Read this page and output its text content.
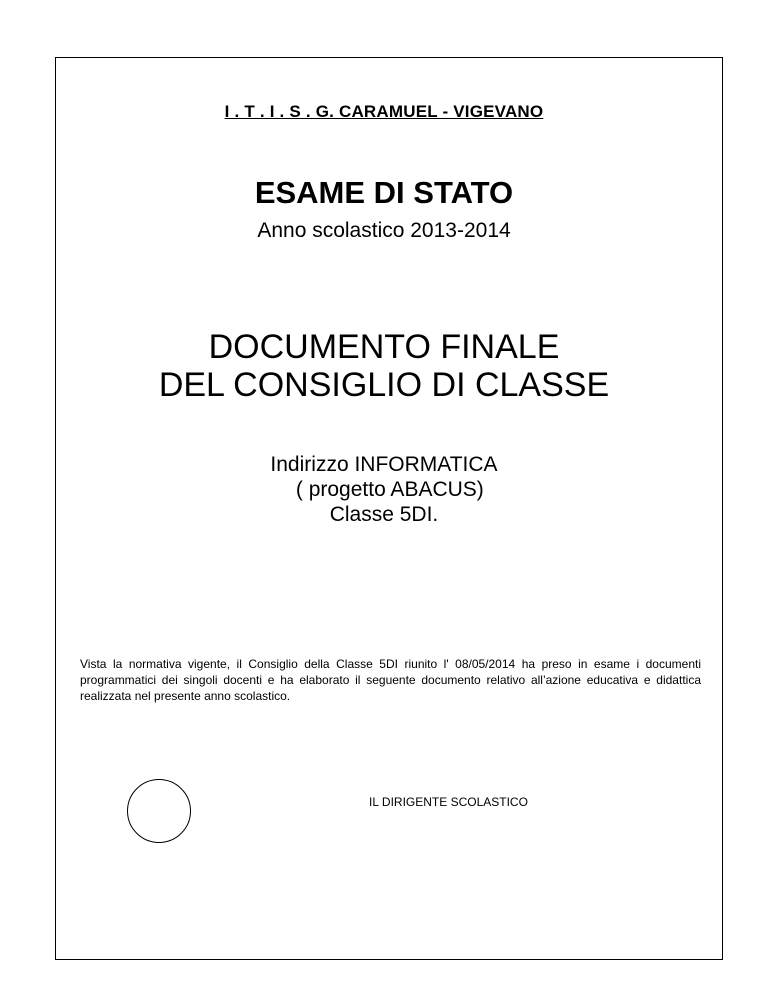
I . T . I . S . G. CARAMUEL - VIGEVANO
ESAME DI STATO
Anno scolastico 2013-2014
DOCUMENTO FINALE
DEL CONSIGLIO DI CLASSE
Indirizzo INFORMATICA
( progetto ABACUS)
Classe 5DI.
Vista la normativa vigente, il Consiglio della Classe 5DI riunito l' 08/05/2014 ha preso in esame i documenti programmatici dei singoli docenti e ha elaborato il seguente documento relativo all’azione educativa e didattica realizzata nel presente anno scolastico.
IL DIRIGENTE SCOLASTICO
